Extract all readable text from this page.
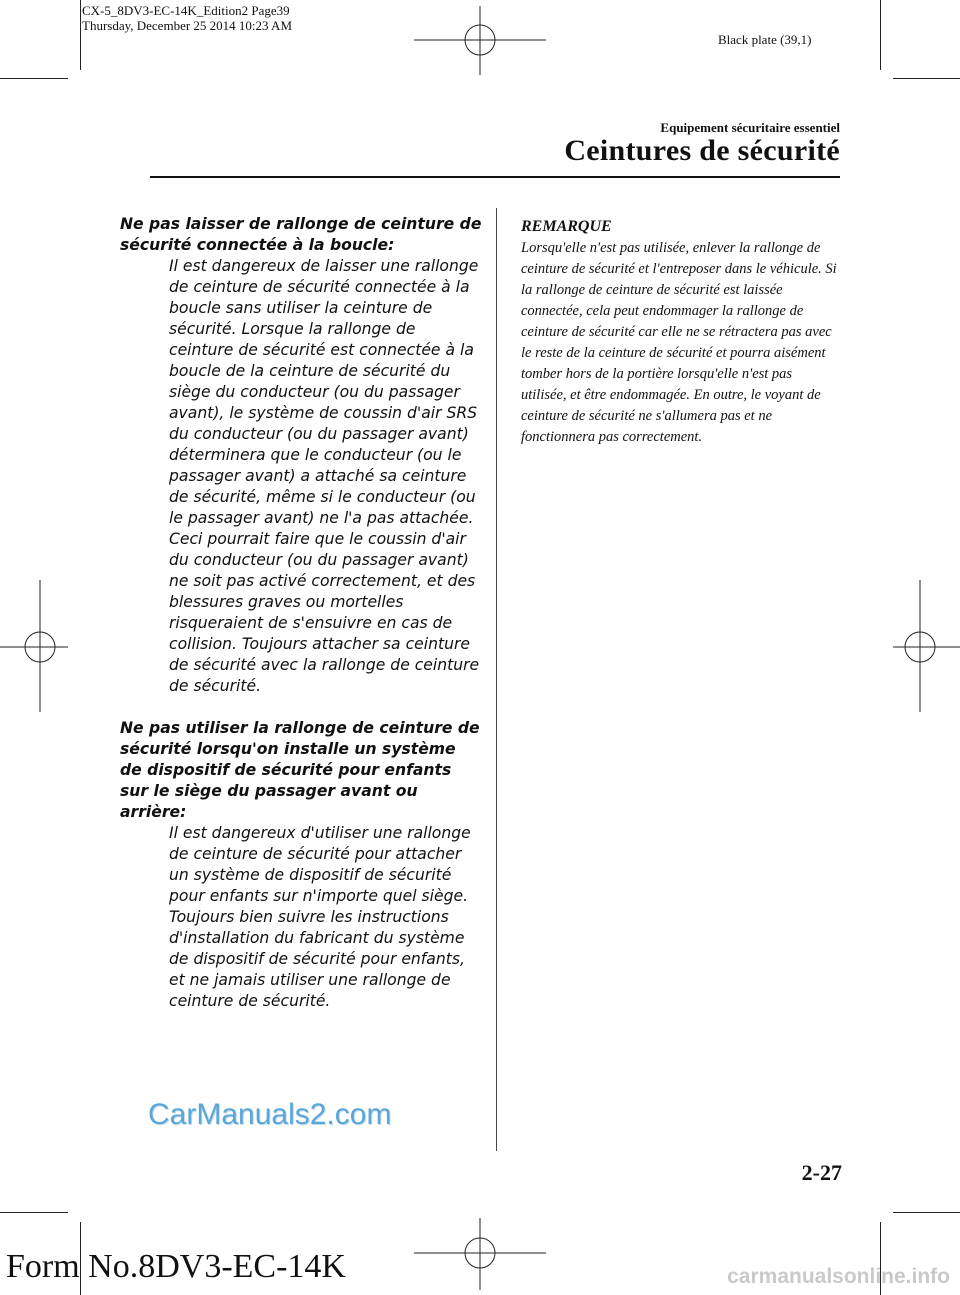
CX-5_8DV3-EC-14K_Edition2 Page39
Thursday, December 25 2014 10:23 AM
Black plate (39,1)
Equipement sécuritaire essentiel
Ceintures de sécurité

Ne pas laisser de rallonge de ceinture de sécurité connectée à la boucle:

Il est dangereux de laisser une rallonge de ceinture de sécurité connectée à la boucle sans utiliser la ceinture de sécurité. Lorsque la rallonge de ceinture de sécurité est connectée à la boucle de la ceinture de sécurité du siège du conducteur (ou du passager avant), le système de coussin d'air SRS du conducteur (ou du passager avant) déterminera que le conducteur (ou le passager avant) a attaché sa ceinture de sécurité, même si le conducteur (ou le passager avant) ne l'a pas attachée. Ceci pourrait faire que le coussin d'air du conducteur (ou du passager avant) ne soit pas activé correctement, et des blessures graves ou mortelles risqueraient de s'ensuivre en cas de collision. Toujours attacher sa ceinture de sécurité avec la rallonge de ceinture de sécurité.

Ne pas utiliser la rallonge de ceinture de sécurité lorsqu'on installe un système de dispositif de sécurité pour enfants sur le siège du passager avant ou arrière:

Il est dangereux d'utiliser une rallonge de ceinture de sécurité pour attacher un système de dispositif de sécurité pour enfants sur n'importe quel siège. Toujours bien suivre les instructions d'installation du fabricant du système de dispositif de sécurité pour enfants, et ne jamais utiliser une rallonge de ceinture de sécurité.

REMARQUE

Lorsqu'elle n'est pas utilisée, enlever la rallonge de ceinture de sécurité et l'entreposer dans le véhicule. Si la rallonge de ceinture de sécurité est laissée connectée, cela peut endommager la rallonge de ceinture de sécurité car elle ne se rétractera pas avec le reste de la ceinture de sécurité et pourra aisément tomber hors de la portière lorsqu'elle n'est pas utilisée, et être endommagée. En outre, le voyant de ceinture de sécurité ne s'allumera pas et ne fonctionnera pas correctement.

CarManuals2.com
2-27
Form No.8DV3-EC-14K	carmanualsonline.info
